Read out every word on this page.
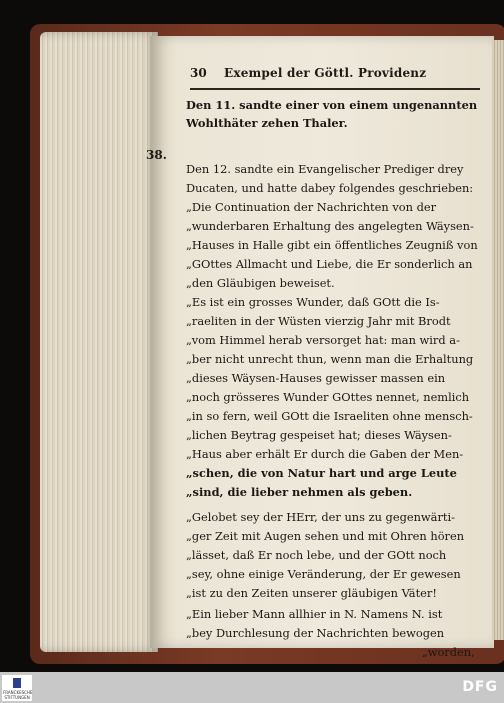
30 Exempel der Göttl. Providenz
38.
Den 11. sandte einer von einem ungenannten
Wohlthäter zehen Thaler.
Den 12. sandte ein Evangelischer Prediger drey
Ducaten, und hatte dabey folgendes geschrieben:
„Die Continuation der Nachrichten von der
„wunderbaren Erhaltung des angelegten Wäysen-
„Hauses in Halle gibt ein öffentliches Zeugniß von
„GOttes Allmacht und Liebe, die Er sonderlich an
„den Gläubigen beweiset.
„Es ist ein grosses Wunder, daß GOtt die Is-
„raeliten in der Wüsten vierzig Jahr mit Brodt
„vom Himmel herab versorget hat: man wird a-
„ber nicht unrecht thun, wenn man die Erhaltung
„dieses Wäysen-Hauses gewisser massen ein
„noch grösseres Wunder GOttes nennet, nemlich
„in so fern, weil GOtt die Israeliten ohne mensch-
„lichen Beytrag gespeiset hat; dieses Wäysen-
„Haus aber erhält Er durch die Gaben der Men-
„schen, die von Natur hart und arge Leute
„sind, die lieber nehmen als geben.
„Gelobet sey der HErr, der uns zu gegenwärti-
„ger Zeit mit Augen sehen und mit Ohren hören
„lässet, daß Er noch lebe, und der GOtt noch
„sey, ohne einige Veränderung, der Er gewesen
„ist zu den Zeiten unserer gläubigen Väter!
„Ein lieber Mann allhier in N. Namens N. ist
„bey Durchlesung der Nachrichten bewogen
„worden,
FRANCKESCHE STIFTUNGEN
DFG
